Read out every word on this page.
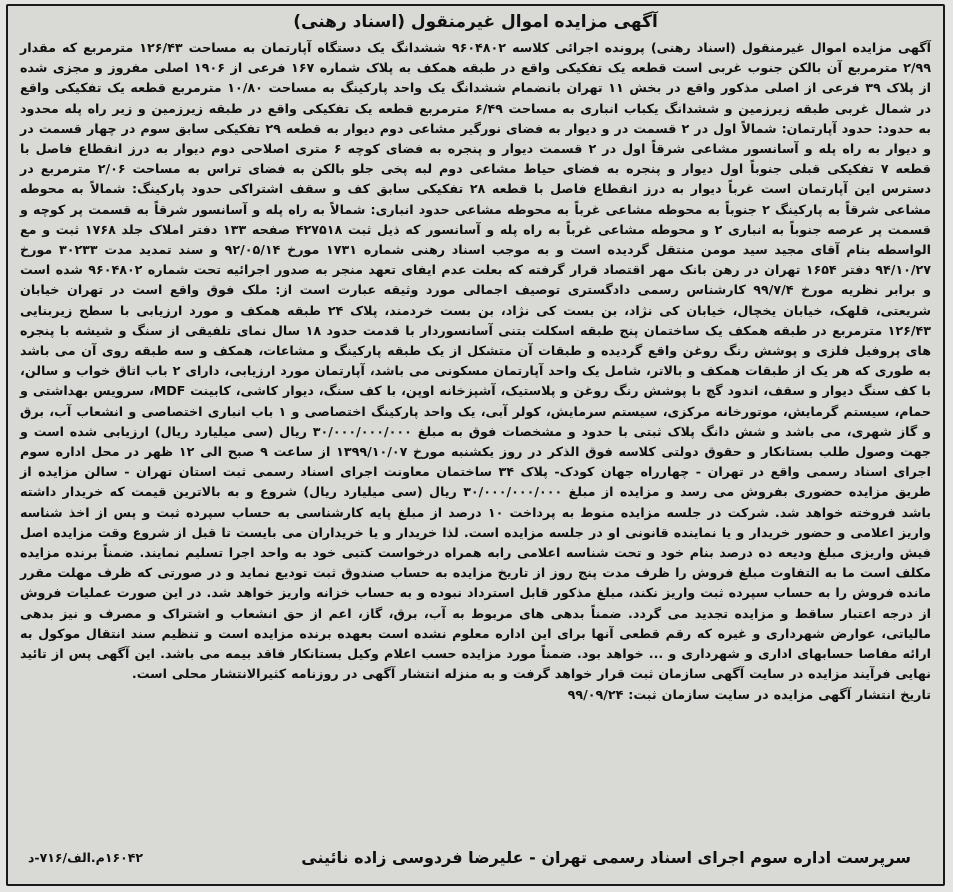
آگهی مزایده اموال غیرمنقول (اسناد رهنی)
آگهی مزایده اموال غیرمنقول (اسناد رهنی) پرونده اجرائی کلاسه ۹۶۰۴۸۰۲ ششدانگ یک دستگاه آپارتمان به مساحت ۱۲۶/۴۳ مترمربع که مقدار ۲/۹۹ مترمربع آن بالکن جنوب غربی است قطعه یک تفکیکی واقع در طبقه همکف به پلاک شماره ۱۶۷ فرعی از ۱۹۰۶ اصلی مفروز و مجزی شده از پلاک ۳۹ فرعی از اصلی مذکور واقع در بخش ۱۱ تهران بانضمام ششدانگ یک واحد پارکینگ به مساحت ۱۰/۸۰ مترمربع قطعه یک تفکیکی واقع در شمال غربی طبقه زیرزمین و ششدانگ یکباب انباری به مساحت ۶/۴۹ مترمربع قطعه یک تفکیکی واقع در طبقه زیرزمین و زیر راه پله محدود به حدود: حدود آپارتمان: شمالاً اول در ۲ قسمت در و دیوار به فضای نورگیر مشاعی دوم دیوار به قطعه ۲۹ تفکیکی سابق سوم در چهار قسمت در و دیوار به راه پله و آسانسور مشاعی شرقاً اول در ۲ قسمت دیوار و پنجره به فضای کوچه ۶ متری اصلاحی دوم دیوار به درز انقطاع فاصل با قطعه ۷ تفکیکی قبلی جنوباً اول دیوار و پنجره به فضای حیاط مشاعی دوم لبه پخی جلو بالکن به فضای تراس به مساحت ۲/۰۶ مترمربع در دسترس این آپارتمان است غرباً دیوار به درز انقطاع فاصل با قطعه ۲۸ تفکیکی سابق کف و سقف اشتراکی حدود پارکینگ: شمالاً به محوطه مشاعی شرقاً به پارکینگ ۲ جنوباً به محوطه مشاعی غرباً به محوطه مشاعی حدود انباری: شمالاً به راه پله و آسانسور شرقاً به قسمت پر کوچه و قسمت پر عرصه جنوباً به انباری ۲ و محوطه مشاعی غرباً به راه پله و آسانسور که ذیل ثبت ۴۲۷۵۱۸ صفحه ۱۳۳ دفتر املاک جلد ۱۷۶۸ ثبت و مع الواسطه بنام آقای مجید سید مومن منتقل گردیده است و به موجب اسناد رهنی شماره ۱۷۳۱ مورخ ۹۲/۰۵/۱۴ و سند تمدید مدت ۳۰۲۳۳ مورخ ۹۴/۱۰/۲۷ دفتر ۱۶۵۴ تهران در رهن بانک مهر اقتصاد قرار گرفته که بعلت عدم ایفای تعهد منجر به صدور اجرائیه تحت شماره ۹۶۰۴۸۰۲ شده است و برابر نظریه مورخ ۹۹/۷/۴ کارشناس رسمی دادگستری توصیف اجمالی مورد وثیقه عبارت است از: ملک فوق واقع است در تهران خیابان شریعتی، قلهک، خیابان یخچال، خیابان کی نژاد، بن بست کی نژاد، بن بست خردمند، پلاک ۲۴ طبقه همکف و مورد ارزیابی با سطح زیربنایی ۱۲۶/۴۳ مترمربع در طبقه همکف یک ساختمان پنج طبقه اسکلت بتنی آسانسوردار با قدمت حدود ۱۸ سال نمای تلفیقی از سنگ و شیشه با پنجره های پروفیل فلزی و پوشش رنگ روغن واقع گردیده و طبقات آن متشکل از یک طبقه پارکینگ و مشاعات، همکف و سه طبقه روی آن می باشد به طوری که هر یک از طبقات همکف و بالاتر، شامل یک واحد آپارتمان مسکونی می باشد، آپارتمان مورد ارزیابی، دارای ۲ باب اتاق خواب و سالن، با کف سنگ دیوار و سقف، اندود گچ با پوشش رنگ روغن و پلاستیک، آشپزخانه اوپن، با کف سنگ، دیوار کاشی، کابینت MDF، سرویس بهداشتی و حمام، سیستم گرمایش، موتورخانه مرکزی، سیستم سرمایش، کولر آبی، یک واحد پارکینگ اختصاصی و ۱ باب انباری اختصاصی و انشعاب آب، برق و گاز شهری، می باشد و شش دانگ پلاک ثبتی با حدود و مشخصات فوق به مبلغ ۳۰/۰۰۰/۰۰۰/۰۰۰ ریال (سی میلیارد ریال) ارزیابی شده است و جهت وصول طلب بستانکار و حقوق دولتی کلاسه فوق الذکر در روز یکشنبه مورخ ۱۳۹۹/۱۰/۰۷ از ساعت ۹ صبح الی ۱۲ ظهر در محل اداره سوم اجرای اسناد رسمی واقع در تهران - چهارراه جهان کودک- پلاک ۳۴ ساختمان معاونت اجرای اسناد رسمی ثبت استان تهران - سالن مزایده از طریق مزایده حضوری بفروش می رسد و مزایده از مبلغ ۳۰/۰۰۰/۰۰۰/۰۰۰ ریال (سی میلیارد ریال) شروع و به بالاترین قیمت که خریدار داشته باشد فروخته خواهد شد. شرکت در جلسه مزایده منوط به پرداخت ۱۰ درصد از مبلغ پایه کارشناسی به حساب سپرده ثبت و پس از اخذ شناسه واریز اعلامی و حضور خریدار و یا نماینده قانونی او در جلسه مزایده است. لذا خریدار و یا خریداران می بایست تا قبل از شروع وقت مزایده اصل فیش واریزی مبلغ ودیعه ده درصد بنام خود و تحت شناسه اعلامی رابه همراه درخواست کتبی خود به واحد اجرا تسلیم نمایند. ضمناً برنده مزایده مکلف است ما به التفاوت مبلغ فروش را ظرف مدت پنج روز از تاریخ مزایده به حساب صندوق ثبت تودیع نماید و در صورتی که ظرف مهلت مقرر مانده فروش را به حساب سپرده ثبت واریز نکند، مبلغ مذکور قابل استرداد نبوده و به حساب خزانه واریز خواهد شد. در این صورت عملیات فروش از درجه اعتبار ساقط و مزایده تجدید می گردد. ضمناً بدهی های مربوط به آب، برق، گاز، اعم از حق انشعاب و اشتراک و مصرف و نیز بدهی مالیاتی، عوارض شهرداری و غیره که رقم قطعی آنها برای این اداره معلوم نشده است بعهده برنده مزایده است و تنظیم سند انتقال موکول به ارائه مفاصا حسابهای اداری و شهرداری و ... خواهد بود. ضمناً مورد مزایده حسب اعلام وکیل بستانکار فاقد بیمه می باشد. این آگهی پس از تائید نهایی فرآیند مزایده در سایت آگهی سازمان ثبت قرار خواهد گرفت و به منزله انتشار آگهی در روزنامه کثیرالانتشار محلی است.
تاریخ انتشار آگهی مزایده در سایت سازمان ثبت: ۹۹/۰۹/۲۴
سرپرست اداره سوم اجرای اسناد رسمی تهران - علیرضا فردوسی زاده نائینی
۱۶۰۴۲م.الف/۷۱۶-د
